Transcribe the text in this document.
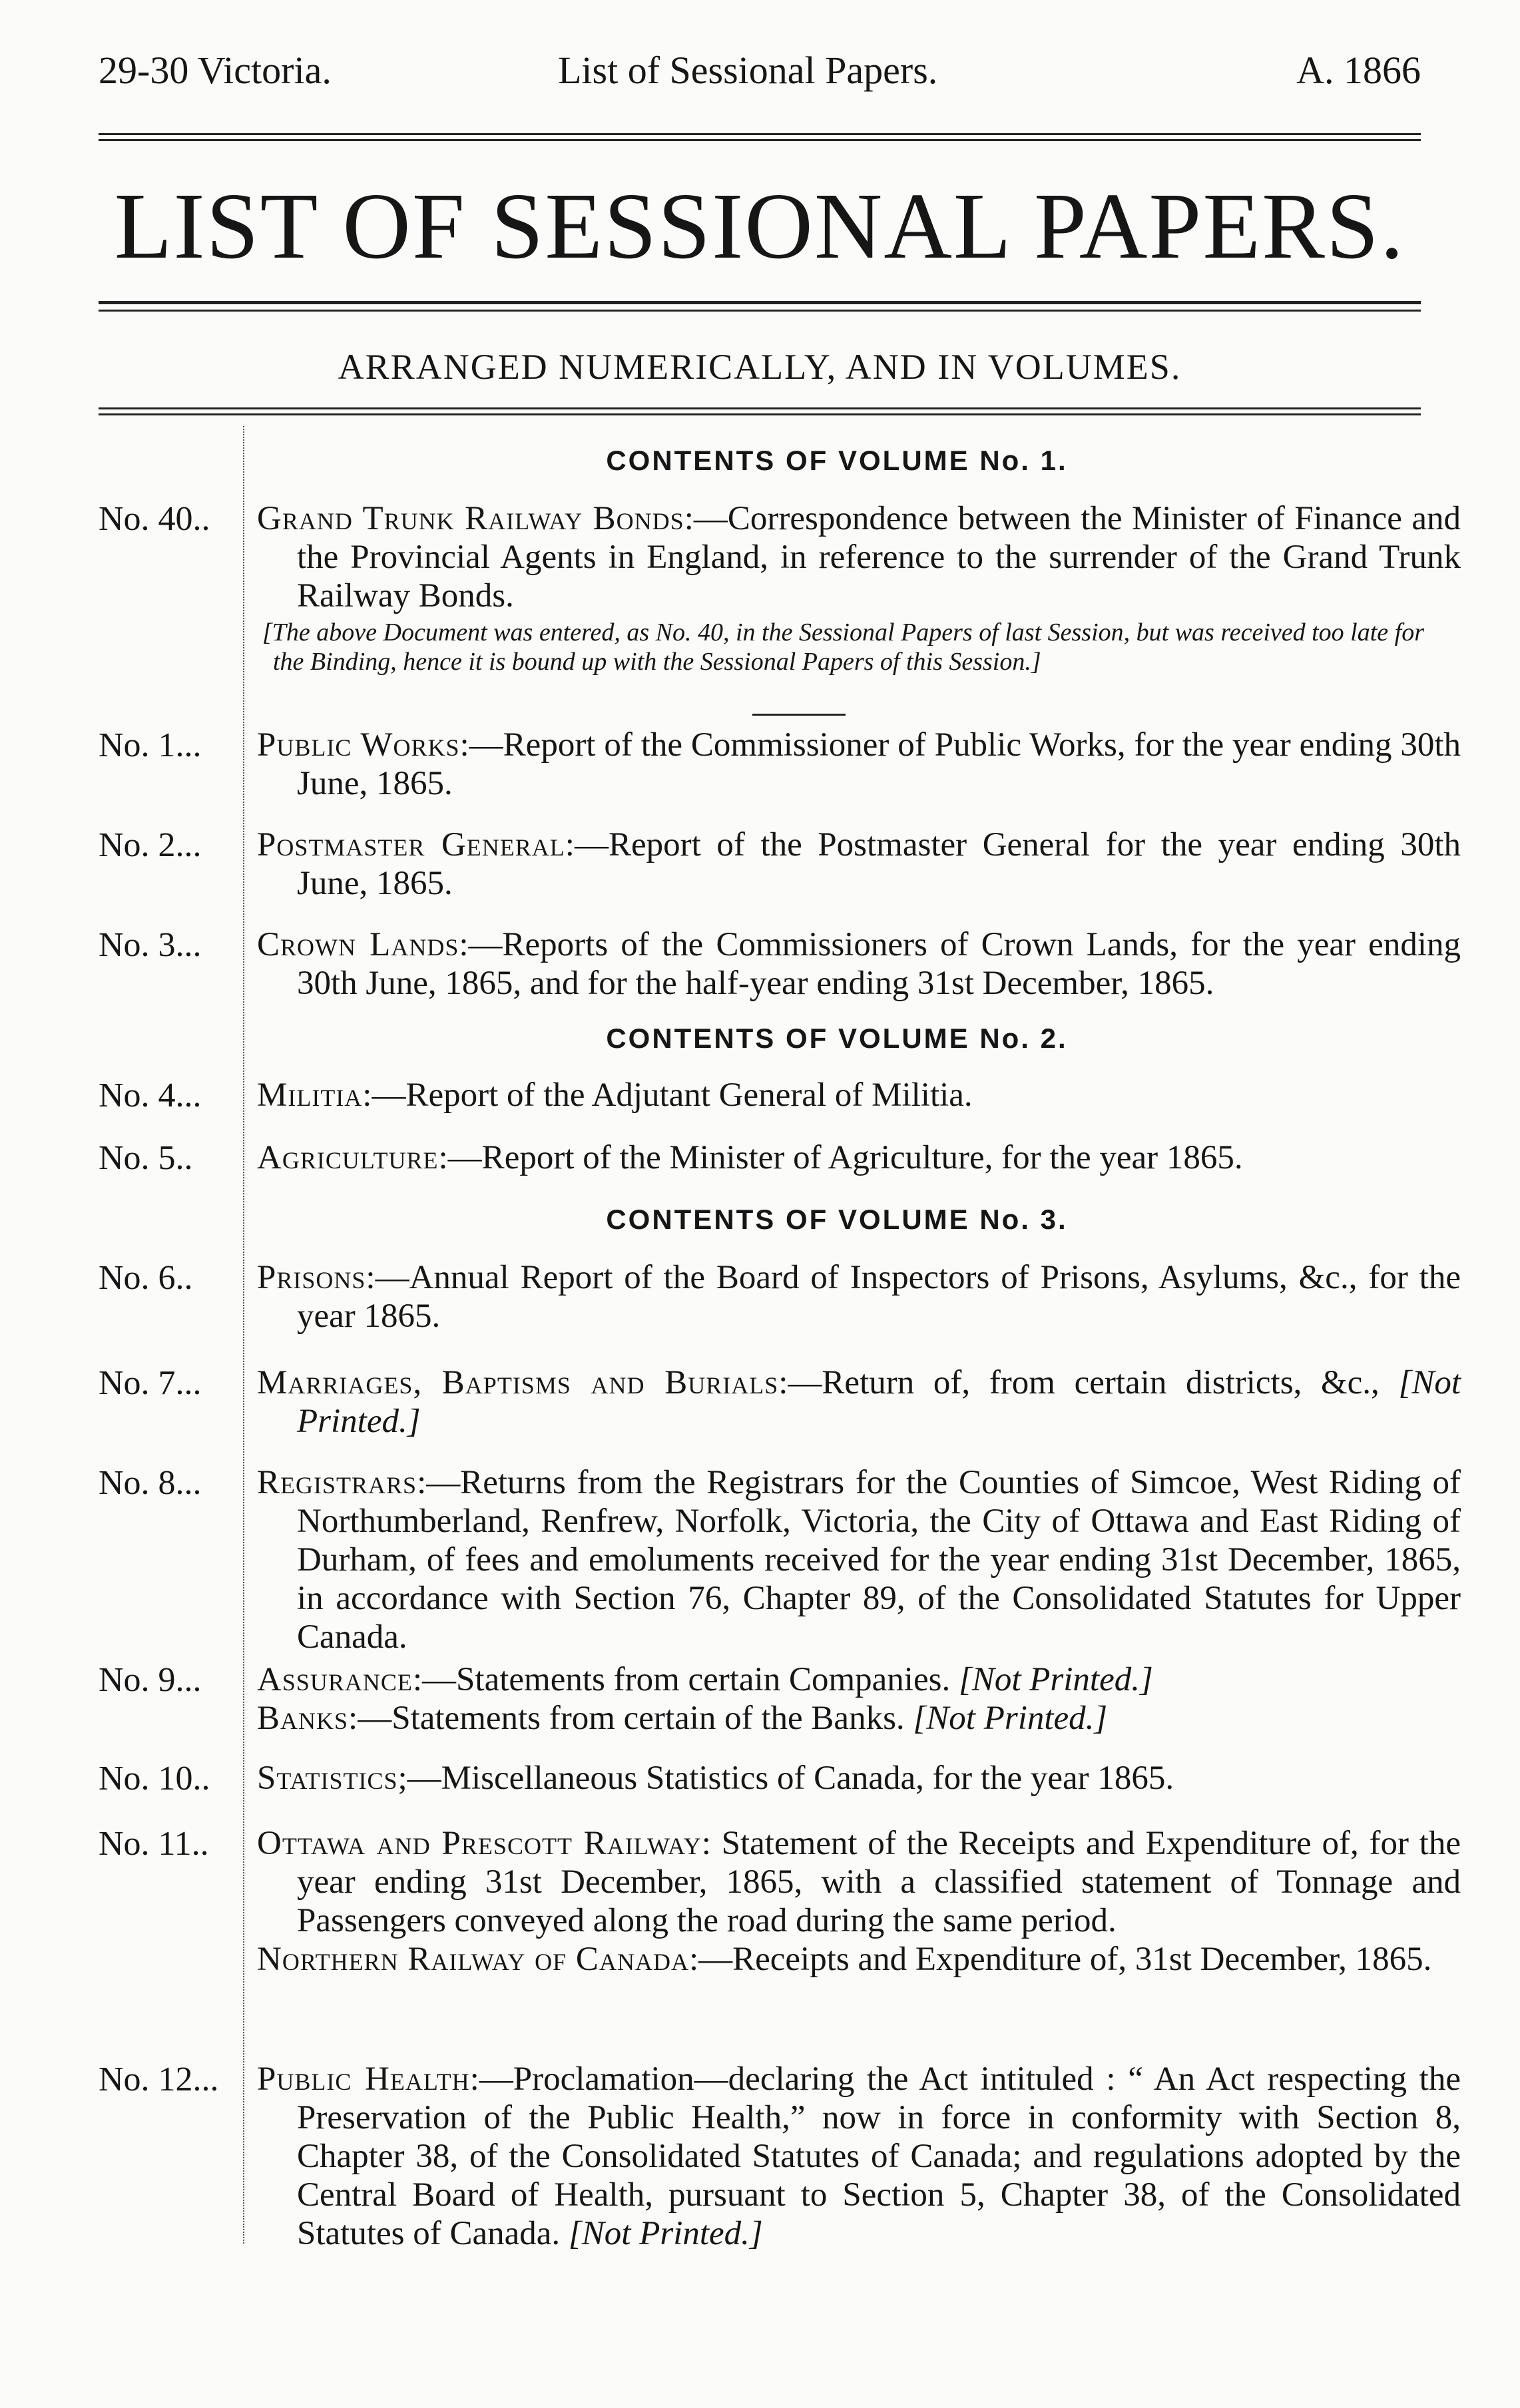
29-30 Victoria.	List of Sessional Papers.	A. 1866
LIST OF SESSIONAL PAPERS.
ARRANGED NUMERICALLY, AND IN VOLUMES.
CONTENTS OF VOLUME No. 1.
No. 40..	Grand Trunk Railway Bonds:—Correspondence between the Minister of Finance and the Provincial Agents in England, in reference to the surrender of the Grand Trunk Railway Bonds.
[The above Document was entered, as No. 40, in the Sessional Papers of last Session, but was received too late for the Binding, hence it is bound up with the Sessional Papers of this Session.]
No. 1...	Public Works:—Report of the Commissioner of Public Works, for the year ending 30th June, 1865.
No. 2...	Postmaster General:—Report of the Postmaster General for the year ending 30th June, 1865.
No. 3...	Crown Lands:—Reports of the Commissioners of Crown Lands, for the year ending 30th June, 1865, and for the half-year ending 31st December, 1865.
CONTENTS OF VOLUME No. 2.
No. 4...	Militia:—Report of the Adjutant General of Militia.
No. 5..	Agriculture:—Report of the Minister of Agriculture, for the year 1865.
CONTENTS OF VOLUME No. 3.
No. 6..	Prisons:—Annual Report of the Board of Inspectors of Prisons, Asylums, &c., for the year 1865.
No. 7...	Marriages, Baptisms and Burials:—Return of, from certain districts, &c., [Not Printed.]
No. 8...	Registrars:—Returns from the Registrars for the Counties of Simcoe, West Riding of Northumberland, Renfrew, Norfolk, Victoria, the City of Ottawa and East Riding of Durham, of fees and emoluments received for the year ending 31st December, 1865, in accordance with Section 76, Chapter 89, of the Consolidated Statutes for Upper Canada.
No. 9...	Assurance:—Statements from certain Companies. [Not Printed.]
Banks:—Statements from certain of the Banks. [Not Printed.]
No. 10..	Statistics;—Miscellaneous Statistics of Canada, for the year 1865.
No. 11..	Ottawa and Prescott Railway: Statement of the Receipts and Expenditure of, for the year ending 31st December, 1865, with a classified statement of Tonnage and Passengers conveyed along the road during the same period.
Northern Railway of Canada:—Receipts and Expenditure of, 31st December, 1865.
No. 12...	Public Health:—Proclamation—declaring the Act intituled : “ An Act respecting the Preservation of the Public Health,” now in force in conformity with Section 8, Chapter 38, of the Consolidated Statutes of Canada; and regulations adopted by the Central Board of Health, pursuant to Section 5, Chapter 38, of the Consolidated Statutes of Canada. [Not Printed.]
